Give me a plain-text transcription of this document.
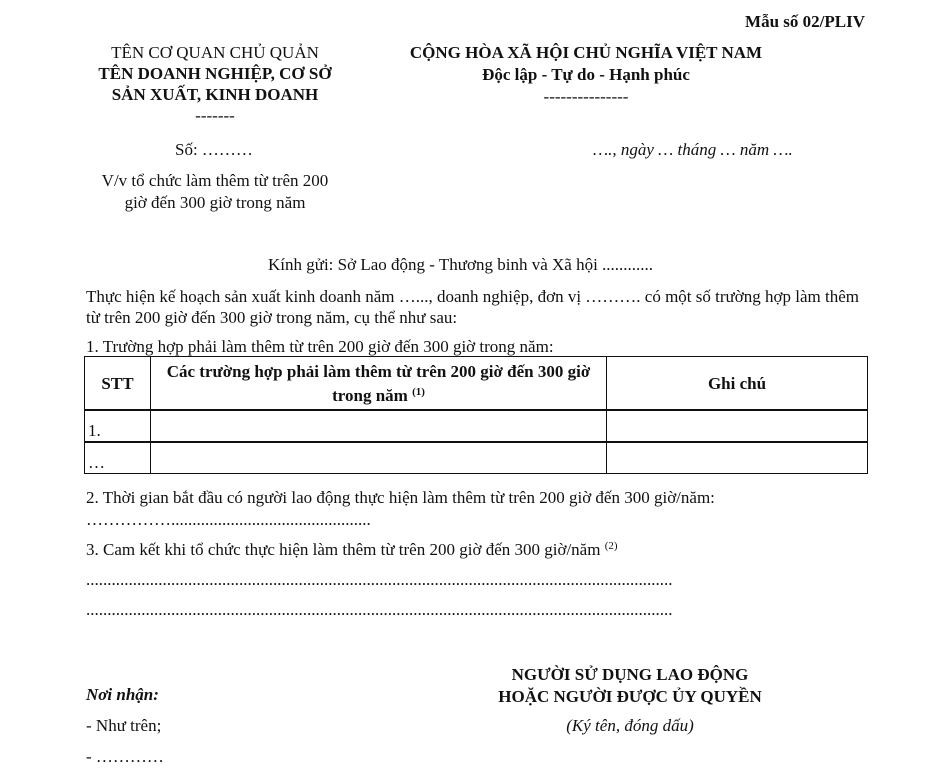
Mẫu số 02/PLIV
TÊN CƠ QUAN CHỦ QUẢN
TÊN DOANH NGHIỆP, CƠ SỞ
SẢN XUẤT, KINH DOANH
-------
CỘNG HÒA XÃ HỘI CHỦ NGHĨA VIỆT NAM
Độc lập - Tự do - Hạnh phúc
---------------
Số: ………	…., ngày … tháng … năm ….
V/v tổ chức làm thêm từ trên 200
giờ đến 300 giờ trong năm
Kính gửi: Sở Lao động - Thương binh và Xã hội ............
Thực hiện kế hoạch sản xuất kinh doanh năm …..., doanh nghiệp, đơn vị ………. có một số trường hợp làm thêm từ trên 200 giờ đến 300 giờ trong năm, cụ thể như sau:
1. Trường hợp phải làm thêm từ trên 200 giờ đến 300 giờ trong năm:
STT	Các trường hợp phải làm thêm từ trên 200 giờ đến 300 giờ trong năm $^{(1)}$	Ghi chú
1.		
…		
2. Thời gian bắt đầu có người lao động thực hiện làm thêm từ trên 200 giờ đến 300 giờ/năm:
……………...............................................
3. Cam kết khi tổ chức thực hiện làm thêm từ trên 200 giờ đến 300 giờ/năm $^{(2)}$
..........................................................................................................................................
..........................................................................................................................................
NGƯỜI SỬ DỤNG LAO ĐỘNG
HOẶC NGƯỜI ĐƯỢC ỦY QUYỀN
(Ký tên, đóng dấu)
Nơi nhận:
- Như trên;
- …………
